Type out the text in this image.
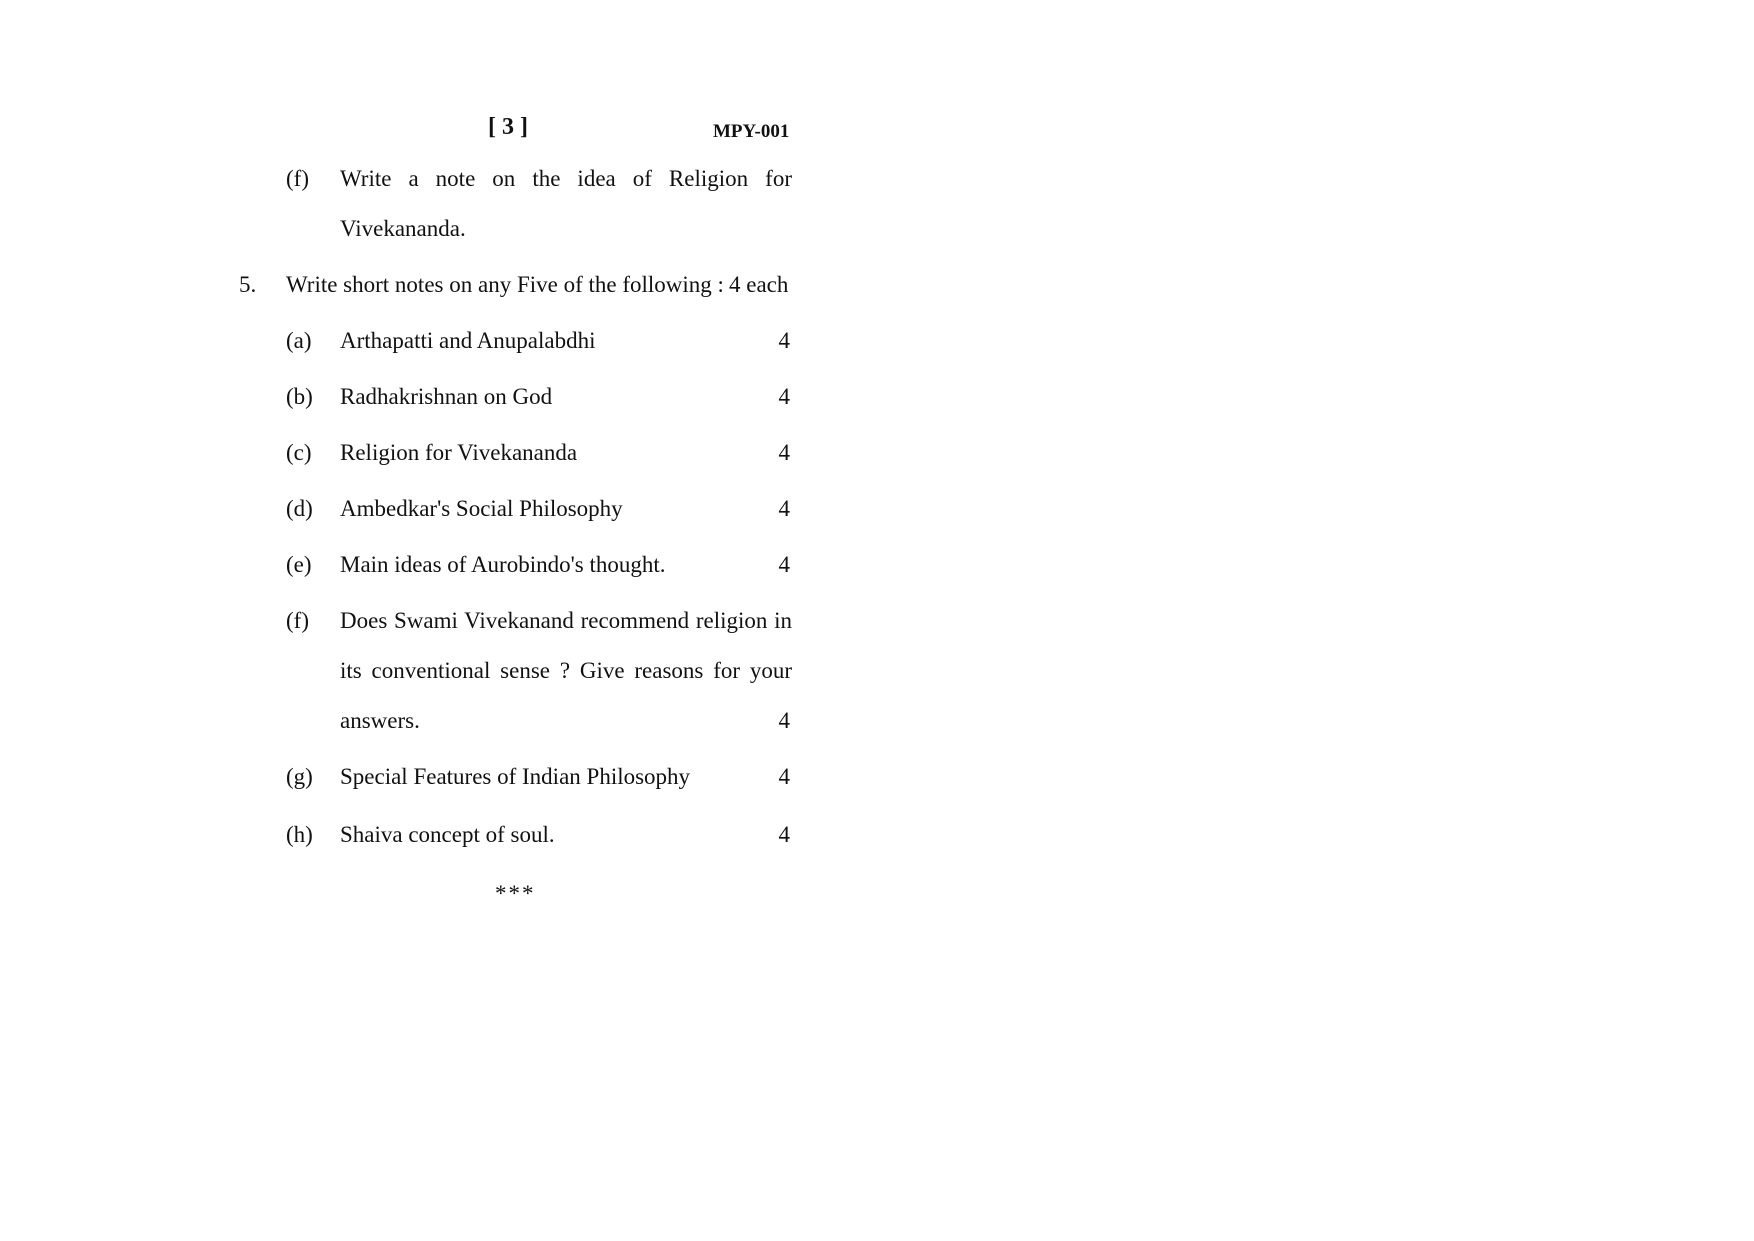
[ 3 ]	MPY-001
(f) Write a note on the idea of Religion for
Vivekananda.
5. Write short notes on any Five of the following : 4 each
(a) Arthapatti and Anupalabdhi	4
(b) Radhakrishnan on God	4
(c) Religion for Vivekananda	4
(d) Ambedkar's Social Philosophy	4
(e) Main ideas of Aurobindo's thought.	4
(f) Does Swami Vivekanand recommend religion in
its conventional sense ? Give reasons for your
answers.	4
(g) Special Features of Indian Philosophy	4
(h) Shaiva concept of soul.	4
***
